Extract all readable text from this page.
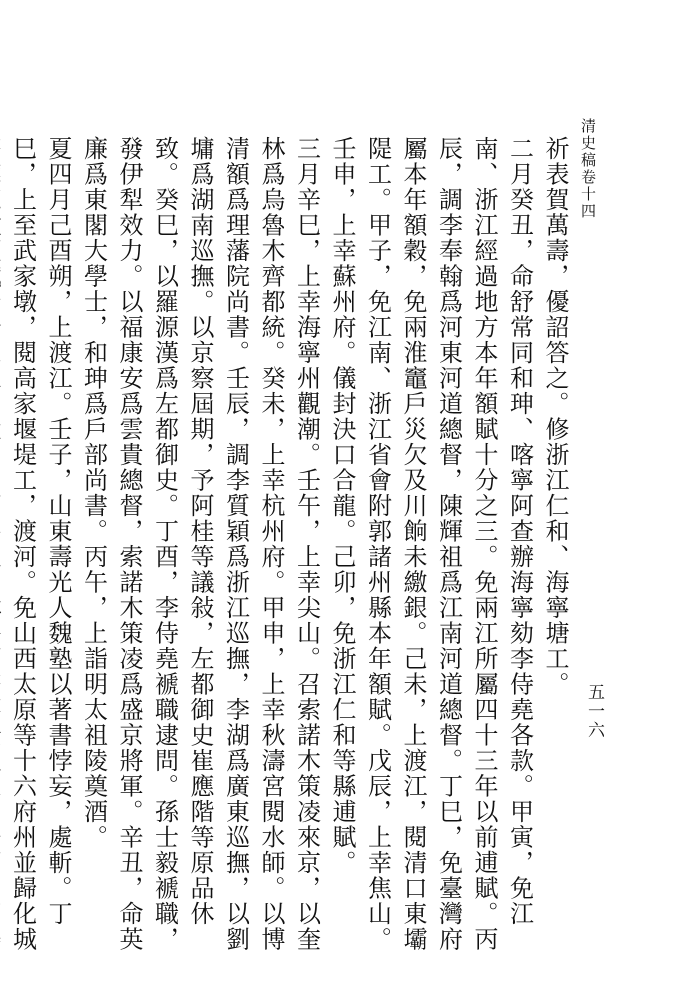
清史稿卷十四
五一六

祈表賀萬壽，優詔答之。修浙江仁和、海寧塘工。

二月癸丑，命舒常同和珅、喀寧阿查辦海寧劾李侍堯各款。甲寅，免江南、浙江經過地方本年額賦十分之三。免兩江所屬四十三年以前逋賦。丙辰，調李奉翰爲河東河道總督，陳輝祖爲江南河道總督。丁巳，免臺灣府屬本年額穀，免兩淮竈戶災欠及川餉未繳銀。己未，上渡江，閱清口東壩隄工。甲子，免江南、浙江省會附郭諸州縣本年額賦。戊辰，上幸焦山。壬申，上幸蘇州府。儀封決口合龍。己卯，免浙江仁和等縣逋賦。

三月辛巳，上幸海寧州觀潮。壬午，上幸尖山。召索諾木策凌來京，以奎林爲烏魯木齊都統。癸未，上幸杭州府。甲申，上幸秋濤宮閱水師。以博清額爲理藩院尚書。壬辰，調李質穎爲浙江巡撫，李湖爲廣東巡撫，以劉墉爲湖南巡撫。以京察屆期，予阿桂等議敍，左都御史崔應階等原品休致。癸巳，以羅源漢爲左都御史。丁酉，李侍堯褫職逮問。孫士毅褫職，發伊犁效力。以福康安爲雲貴總督，索諾木策凌爲盛京將軍。辛丑，命英廉爲東閣大學士，和珅爲戶部尚書。丙午，上詣明太祖陵奠酒。

夏四月己酉朔，上渡江。壬子，山東壽光人魏塾以著書悖妄，處斬。丁巳，上至武家墩，閱高家堰堤工，渡河。免山西太原等十六府州並歸化城
